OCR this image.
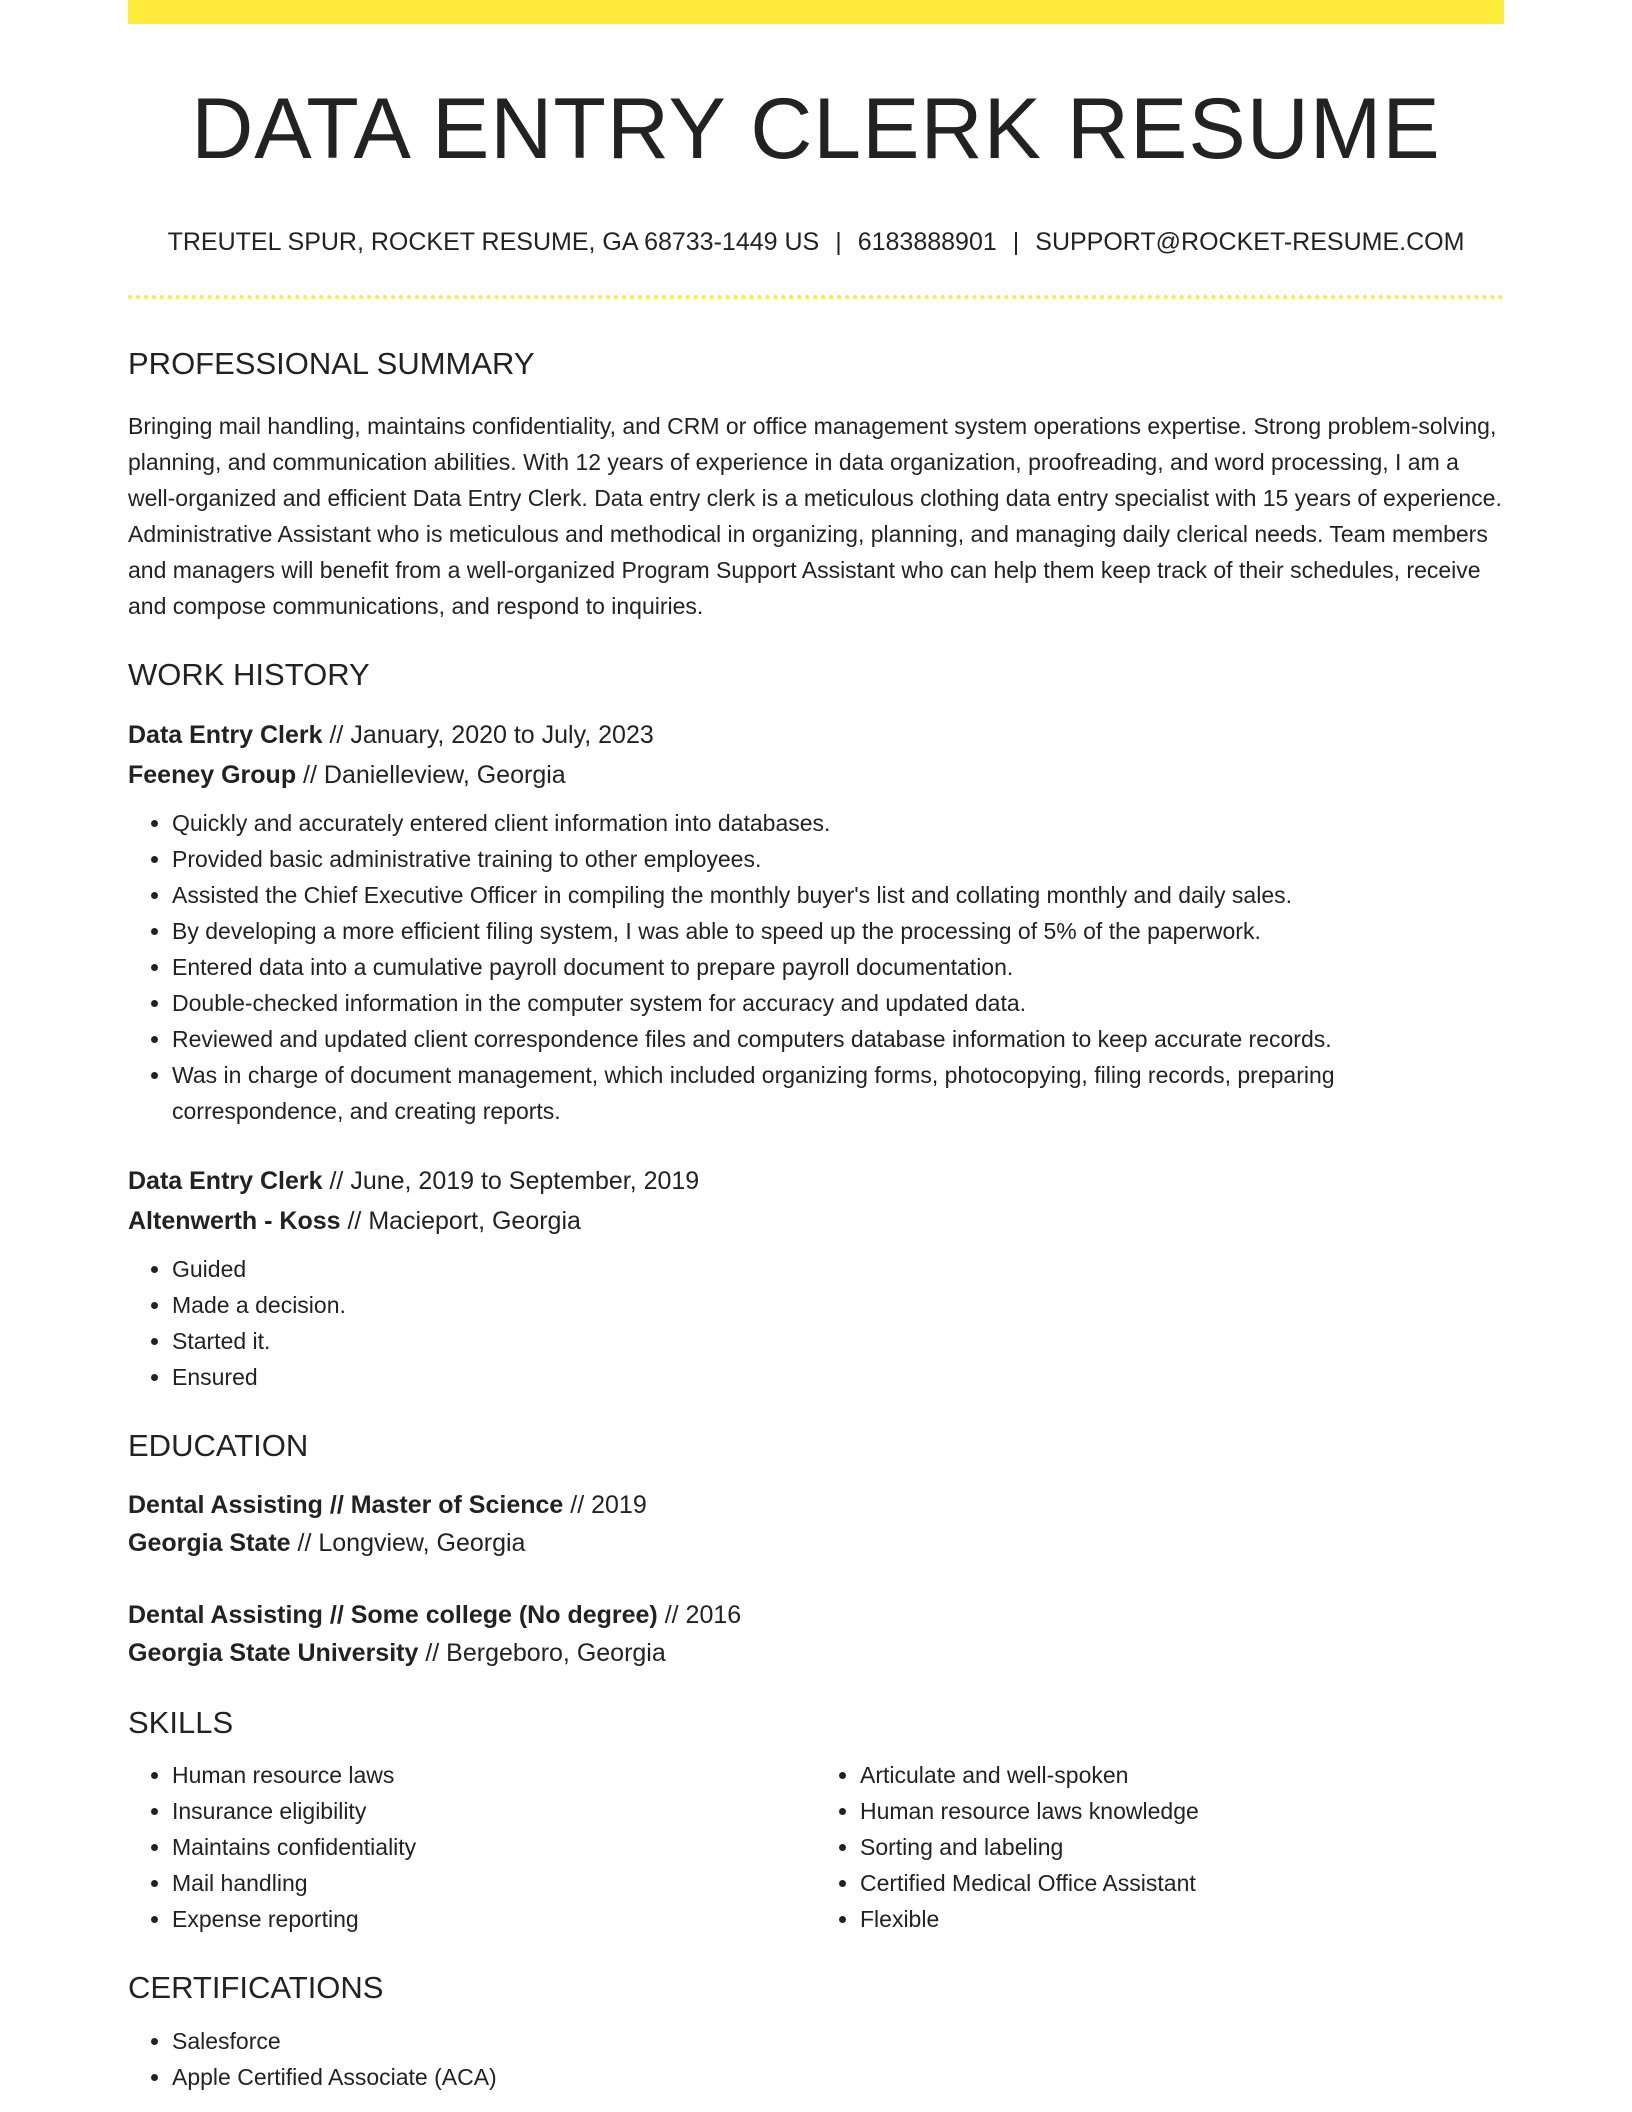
DATA ENTRY CLERK RESUME
TREUTEL SPUR, ROCKET RESUME, GA 68733-1449 US | 6183888901 | SUPPORT@ROCKET-RESUME.COM
PROFESSIONAL SUMMARY

Bringing mail handling, maintains confidentiality, and CRM or office management system operations expertise. Strong problem-solving, planning, and communication abilities. With 12 years of experience in data organization, proofreading, and word processing, I am a well-organized and efficient Data Entry Clerk. Data entry clerk is a meticulous clothing data entry specialist with 15 years of experience. Administrative Assistant who is meticulous and methodical in organizing, planning, and managing daily clerical needs. Team members and managers will benefit from a well-organized Program Support Assistant who can help them keep track of their schedules, receive and compose communications, and respond to inquiries.

WORK HISTORY
Data Entry Clerk // January, 2020 to July, 2023
Feeney Group // Danielleview, Georgia
• Quickly and accurately entered client information into databases.
• Provided basic administrative training to other employees.
• Assisted the Chief Executive Officer in compiling the monthly buyer's list and collating monthly and daily sales.
• By developing a more efficient filing system, I was able to speed up the processing of 5% of the paperwork.
• Entered data into a cumulative payroll document to prepare payroll documentation.
• Double-checked information in the computer system for accuracy and updated data.
• Reviewed and updated client correspondence files and computers database information to keep accurate records.
• Was in charge of document management, which included organizing forms, photocopying, filing records, preparing correspondence, and creating reports.
Data Entry Clerk // June, 2019 to September, 2019
Altenwerth - Koss // Macieport, Georgia
• Guided
• Made a decision.
• Started it.
• Ensured
EDUCATION
Dental Assisting // Master of Science // 2019
Georgia State // Longview, Georgia
Dental Assisting // Some college (No degree) // 2016
Georgia State University // Bergeboro, Georgia
SKILLS
• Human resource laws
• Insurance eligibility
• Maintains confidentiality
• Mail handling
• Expense reporting
• Articulate and well-spoken
• Human resource laws knowledge
• Sorting and labeling
• Certified Medical Office Assistant
• Flexible
CERTIFICATIONS
• Salesforce
• Apple Certified Associate (ACA)
